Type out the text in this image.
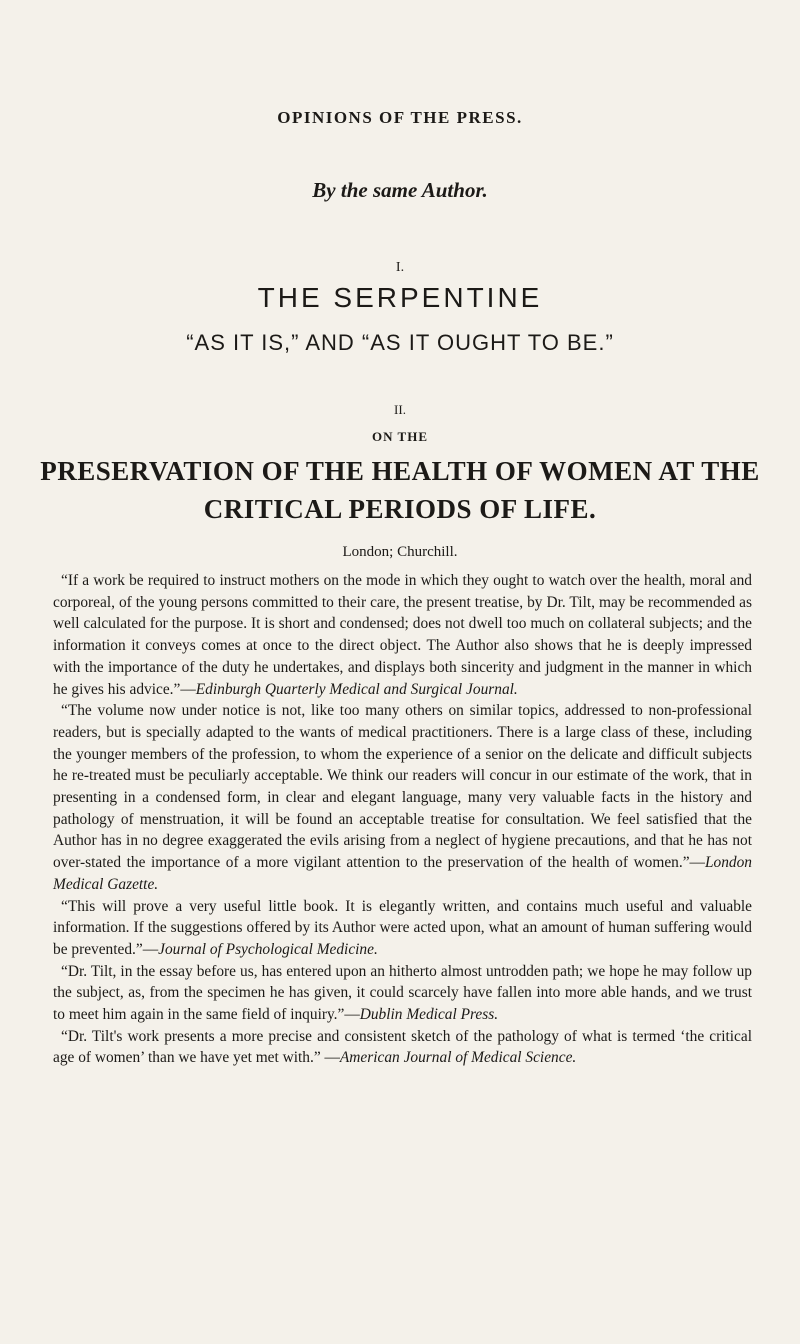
OPINIONS OF THE PRESS.
By the same Author.
I.
THE SERPENTINE
“AS IT IS,” AND “AS IT OUGHT TO BE.”
II.
ON THE
PRESERVATION OF THE HEALTH OF WOMEN AT THE CRITICAL PERIODS OF LIFE.
London; Churchill.

“If a work be required to instruct mothers on the mode in which they ought to watch over the health, moral and corporeal, of the young persons committed to their care, the present treatise, by Dr. Tilt, may be recommended as well calculated for the purpose. It is short and condensed; does not dwell too much on collateral subjects; and the information it conveys comes at once to the direct object. The Author also shows that he is deeply impressed with the importance of the duty he undertakes, and displays both sincerity and judgment in the manner in which he gives his advice.”—Edinburgh Quarterly Medical and Surgical Journal.

“The volume now under notice is not, like too many others on similar topics, addressed to non-professional readers, but is specially adapted to the wants of medical practitioners. There is a large class of these, including the younger members of the profession, to whom the experience of a senior on the delicate and difficult subjects he re-treated must be peculiarly acceptable. We think our readers will concur in our estimate of the work, that in presenting in a condensed form, in clear and elegant language, many very valuable facts in the history and pathology of menstruation, it will be found an acceptable treatise for consultation. We feel satisfied that the Author has in no degree exaggerated the evils arising from a neglect of hygiene precautions, and that he has not over-stated the importance of a more vigilant attention to the preservation of the health of women.”—London Medical Gazette.

“This will prove a very useful little book. It is elegantly written, and contains much useful and valuable information. If the suggestions offered by its Author were acted upon, what an amount of human suffering would be prevented.”—Journal of Psychological Medicine.

“Dr. Tilt, in the essay before us, has entered upon an hitherto almost untrodden path; we hope he may follow up the subject, as, from the specimen he has given, it could scarcely have fallen into more able hands, and we trust to meet him again in the same field of inquiry.”—Dublin Medical Press.

“Dr. Tilt's work presents a more precise and consistent sketch of the pathology of what is termed ‘the critical age of women’ than we have yet met with.” —American Journal of Medical Science.
